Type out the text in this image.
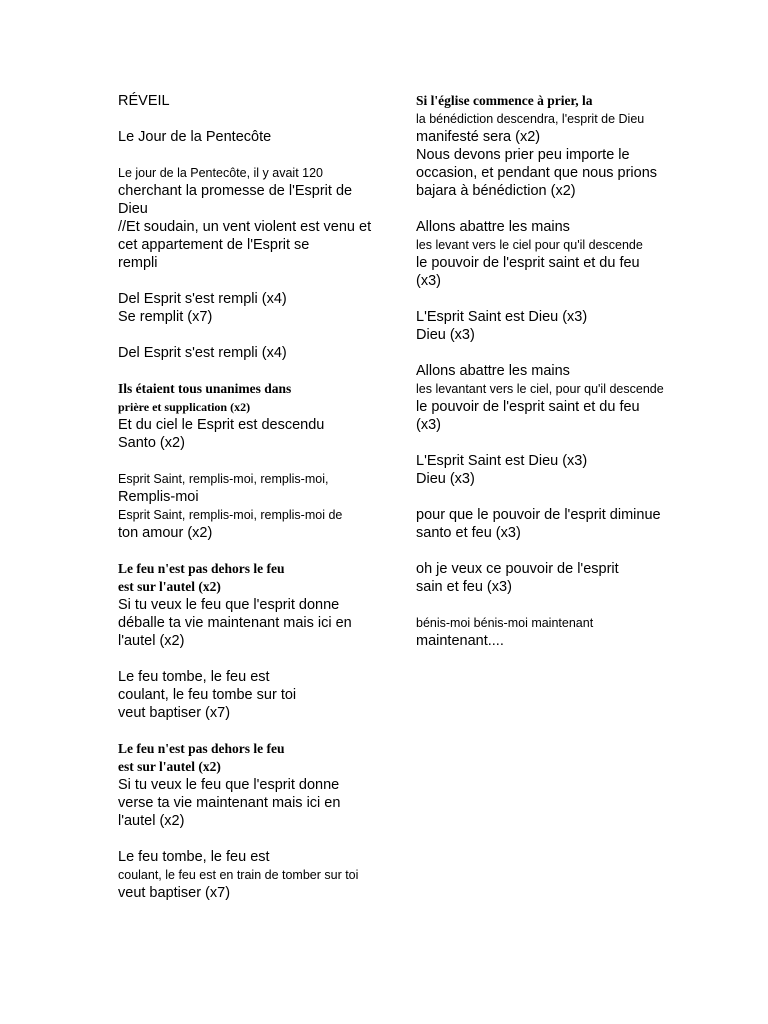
RÉVEIL
Le Jour de la Pentecôte
Le jour de la Pentecôte, il y avait 120
cherchant la promesse de l'Esprit de
Dieu
//Et soudain, un vent violent est venu et
cet appartement de l'Esprit se
rempli
Del Esprit s'est rempli (x4)
Se remplit (x7)
Del Esprit s'est rempli (x4)
Ils étaient tous unanimes dans
prière et supplication (x2)
Et du ciel le Esprit est descendu
Santo (x2)
Esprit Saint, remplis-moi, remplis-moi,
Remplis-moi
Esprit Saint, remplis-moi, remplis-moi de
ton amour (x2)
Le feu n'est pas dehors le feu
est sur l'autel (x2)
Si tu veux le feu que l'esprit donne
déballe ta vie maintenant mais ici en
l'autel (x2)
Le feu tombe, le feu est
coulant, le feu tombe sur toi
veut baptiser (x7)
Le feu n'est pas dehors le feu
est sur l'autel (x2)
Si tu veux le feu que l'esprit donne
verse ta vie maintenant mais ici en
l'autel (x2)
Le feu tombe, le feu est
coulant, le feu est en train de tomber sur toi
veut baptiser (x7)
Si l'église commence à prier, la
la bénédiction descendra, l'esprit de Dieu
manifesté sera (x2)
Nous devons prier peu importe le
occasion, et pendant que nous prions
bajara à bénédiction (x2)
Allons abattre les mains
les levant vers le ciel pour qu'il descende
le pouvoir de l'esprit saint et du feu
(x3)
L'Esprit Saint est Dieu (x3)
Dieu (x3)
Allons abattre les mains
les levantant vers le ciel, pour qu'il descende
le pouvoir de l'esprit saint et du feu
(x3)
L'Esprit Saint est Dieu (x3)
Dieu (x3)
pour que le pouvoir de l'esprit diminue
santo et feu (x3)
oh je veux ce pouvoir de l'esprit
sain et feu (x3)
bénis-moi bénis-moi maintenant
maintenant....
